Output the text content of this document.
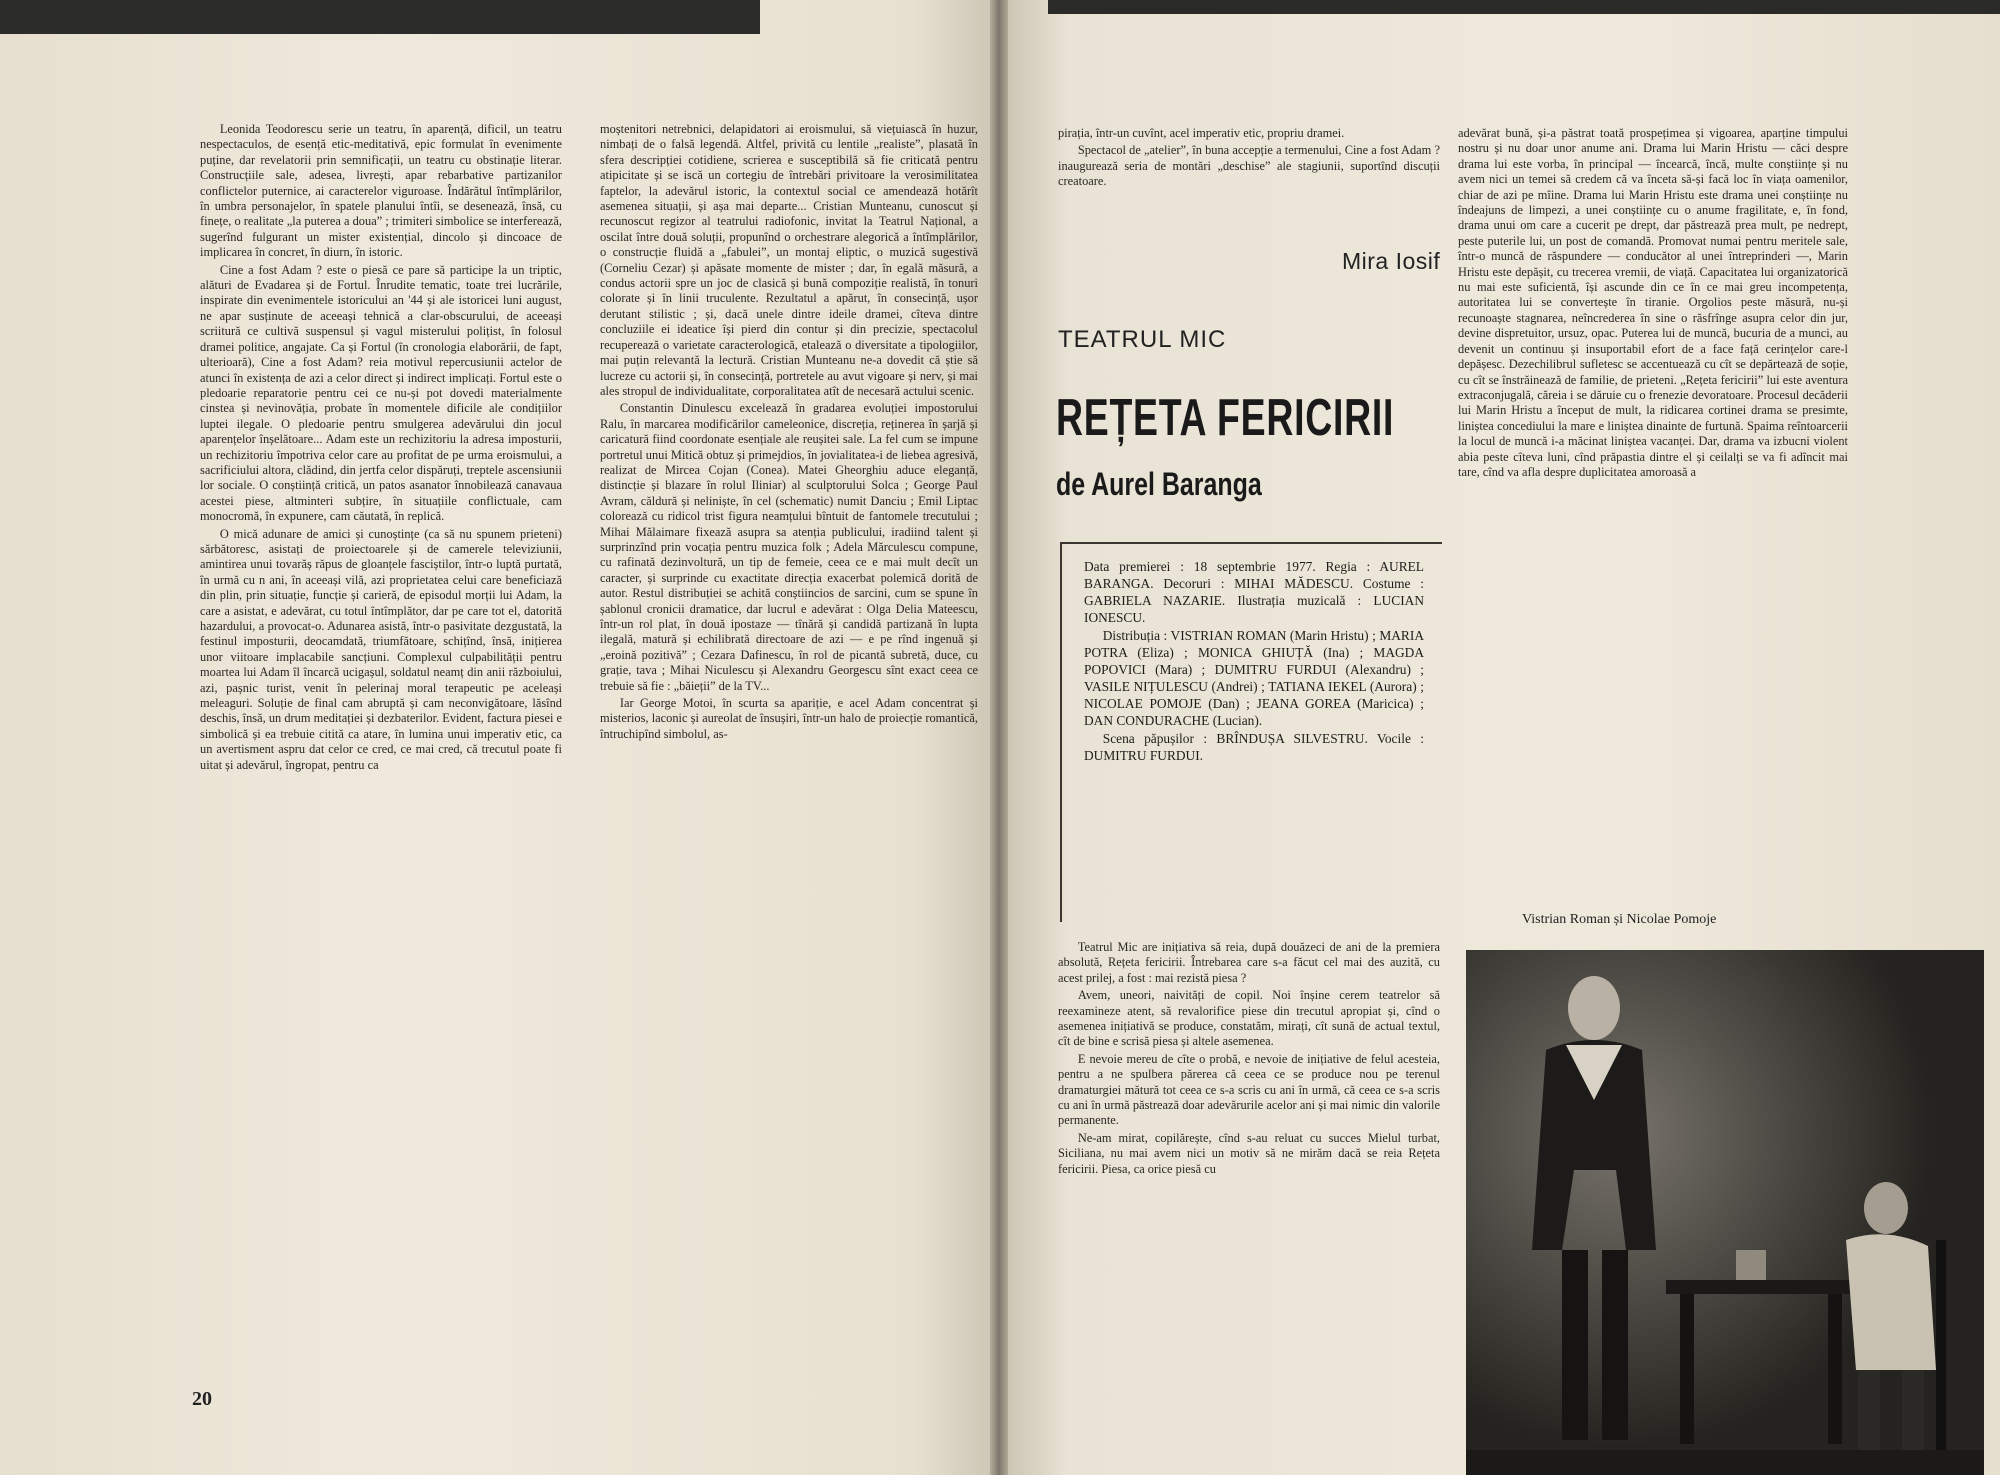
Leonida Teodorescu serie un teatru, în aparență, dificil, un teatru nespectaculos, de esență etic-meditativă, epic formulat în evenimente puține, dar revelatorii prin semnificații, un teatru cu obstinație literar. Construcțiile sale, adesea, livrești, apar rebarbative partizanilor conflictelor puternice, ai caracterelor viguroase. Îndărătul întîmplărilor, în umbra personajelor, în spatele planului întîi, se desenează, însă, cu finețe, o realitate „la puterea a doua” ; trimiteri simbolice se interferează, sugerînd fulgurant un mister existențial, dincolo și dincoace de implicarea în concret, în diurn, în istoric.

Cine a fost Adam ? este o piesă ce pare să participe la un triptic, alături de Evadarea și de Fortul. Înrudite tematic, toate trei lucrările, inspirate din evenimentele istoricului an '44 și ale istoricei luni august, ne apar susținute de aceeași tehnică a clar-obscurului, de aceeași scriitură ce cultivă suspensul și vagul misterului polițist, în folosul dramei politice, angajate. Ca și Fortul (în cronologia elaborării, de fapt, ulterioară), Cine a fost Adam? reia motivul repercusiunii actelor de atunci în existența de azi a celor direct și indirect implicați. Fortul este o pledoarie reparatorie pentru cei ce nu-și pot dovedi materialmente cinstea și nevinovăția, probate în momentele dificile ale condițiilor luptei ilegale. O pledoarie pentru smulgerea adevărului din jocul aparențelor înșelătoare... Adam este un rechizitoriu la adresa imposturii, un rechizitoriu împotriva celor care au profitat de pe urma eroismului, a sacrificiului altora, clădind, din jertfa celor dispăruți, treptele ascensiunii lor sociale. O conștiință critică, un patos asanator înnobilează canavaua acestei piese, altminteri subțire, în situațiile conflictuale, cam monocromă, în expunere, cam căutată, în replică.

O mică adunare de amici și cunoștințe (ca să nu spunem prieteni) sărbătoresc, asistați de proiectoarele și de camerele televiziunii, amintirea unui tovarăș răpus de gloanțele fasciștilor, într-o luptă purtată, în urmă cu n ani, în aceeași vilă, azi proprietatea celui care beneficiază din plin, prin situație, funcție și carieră, de episodul morții lui Adam, la care a asistat, e adevărat, cu totul întîmplător, dar pe care tot el, datorită hazardului, a provocat-o. Adunarea asistă, într-o pasivitate dezgustată, la festinul imposturii, deocamdată, triumfătoare, schițînd, însă, inițierea unor viitoare implacabile sancțiuni. Complexul culpabilității pentru moartea lui Adam îl încarcă ucigașul, soldatul neamț din anii războiului, azi, pașnic turist, venit în pelerinaj moral terapeutic pe aceleași meleaguri. Soluție de final cam abruptă și cam neconvigătoare, lăsînd deschis, însă, un drum meditației și dezbaterilor. Evident, factura piesei e simbolică și ea trebuie citită ca atare, în lumina unui imperativ etic, ca un avertisment aspru dat celor ce cred, ce mai cred, că trecutul poate fi uitat și adevărul, îngropat, pentru ca

moștenitori netrebnici, delapidatori ai eroismului, să viețuiască în huzur, nimbați de o falsă legendă. Altfel, privită cu lentile „realiste”, plasată în sfera descripției cotidiene, scrierea e susceptibilă să fie criticată pentru atipicitate și se iscă un cortegiu de întrebări privitoare la verosimilitatea faptelor, la adevărul istoric, la contextul social ce amendează hotărît asemenea situații, și așa mai departe... Cristian Munteanu, cunoscut și recunoscut regizor al teatrului radiofonic, invitat la Teatrul Național, a oscilat între două soluții, propunînd o orchestrare alegorică a întîmplărilor, o construcție fluidă a „fabulei”, un montaj eliptic, o muzică sugestivă (Corneliu Cezar) și apăsate momente de mister ; dar, în egală măsură, a condus actorii spre un joc de clasică și bună compoziție realistă, în tonuri colorate și în linii truculente. Rezultatul a apărut, în consecință, ușor derutant stilistic ; și, dacă unele dintre ideile dramei, cîteva dintre concluziile ei ideatice își pierd din contur și din precizie, spectacolul recuperează o varietate caracterologică, etalează o diversitate a tipologiilor, mai puțin relevantă la lectură. Cristian Munteanu ne-a dovedit că știe să lucreze cu actorii și, în consecință, portretele au avut vigoare și nerv, și mai ales stropul de individualitate, corporalitatea atît de necesară actului scenic.

Constantin Dinulescu excelează în gradarea evoluției impostorului Ralu, în marcarea modificărilor cameleonice, discreția, reținerea în șarjă și caricatură fiind coordonate esențiale ale reușitei sale. La fel cum se impune portretul unui Mitică obtuz și primejdios, în jovialitatea-i de liebea agresivă, realizat de Mircea Cojan (Conea). Matei Gheorghiu aduce eleganță, distincție și blazare în rolul Iliniar) al sculptorului Solca ; George Paul Avram, căldură și neliniște, în cel (schematic) numit Danciu ; Emil Liptac colorează cu ridicol trist figura neamțului bîntuit de fantomele trecutului ; Mihai Mălaimare fixează asupra sa atenția publicului, iradiind talent și surprinzînd prin vocația pentru muzica folk ; Adela Mărculescu compune, cu rafinată dezinvoltură, un tip de femeie, ceea ce e mai mult decît un caracter, și surprinde cu exactitate direcția exacerbat polemică dorită de autor. Restul distribuției se achită conștiincios de sarcini, cum se spune în șablonul cronicii dramatice, dar lucrul e adevărat : Olga Delia Mateescu, într-un rol plat, în două ipostaze — tînără și candidă partizană în lupta ilegală, matură și echilibrată directoare de azi — e pe rînd ingenuă și „eroină pozitivă” ; Cezara Dafinescu, în rol de picantă subretă, duce, cu grație, tava ; Mihai Niculescu și Alexandru Georgescu sînt exact ceea ce trebuie să fie : „băieții” de la TV...

Iar George Motoi, în scurta sa apariție, e acel Adam concentrat și misterios, laconic și aureolat de însușiri, într-un halo de proiecție romantică, întruchipînd simbolul, as-

20

pirația, într-un cuvînt, acel imperativ etic, propriu dramei.

Spectacol de „atelier”, în buna accepție a termenului, Cine a fost Adam ? inaugurează seria de montări „deschise” ale stagiunii, suportînd discuții creatoare.

Mira Iosif
TEATRUL MIC
REȚETA FERICIRII
de Aurel Baranga

Data premierei : 18 septembrie 1977. Regia : AUREL BARANGA. Decoruri : MIHAI MĂDESCU. Costume : GABRIELA NAZARIE. Ilustrația muzicală : LUCIAN IONESCU.

Distribuția : VISTRIAN ROMAN (Marin Hristu) ; MARIA POTRA (Eliza) ; MONICA GHIUȚĂ (Ina) ; MAGDA POPOVICI (Mara) ; DUMITRU FURDUI (Alexandru) ; VASILE NIȚULESCU (Andrei) ; TATIANA IEKEL (Aurora) ; NICOLAE POMOJE (Dan) ; JEANA GOREA (Maricica) ; DAN CONDURACHE (Lucian).

Scena păpușilor : BRÎNDUȘA SILVESTRU. Vocile : DUMITRU FURDUI.

Teatrul Mic are inițiativa să reia, după douăzeci de ani de la premiera absolută, Rețeta fericirii. Întrebarea care s-a făcut cel mai des auzită, cu acest prilej, a fost : mai rezistă piesa ?

Avem, uneori, naivități de copil. Noi înșine cerem teatrelor să reexamineze atent, să revalorifice piese din trecutul apropiat și, cînd o asemenea inițiativă se produce, constatăm, mirați, cît sună de actual textul, cît de bine e scrisă piesa și altele asemenea.

E nevoie mereu de cîte o probă, e nevoie de inițiative de felul acesteia, pentru a ne spulbera părerea că ceea ce se produce nou pe terenul dramaturgiei mătură tot ceea ce s-a scris cu ani în urmă, că ceea ce s-a scris cu ani în urmă păstrează doar adevărurile acelor ani și mai nimic din valorile permanente.

Ne-am mirat, copilărește, cînd s-au reluat cu succes Mielul turbat, Siciliana, nu mai avem nici un motiv să ne mirăm dacă se reia Rețeta fericirii. Piesa, ca orice piesă cu

adevărat bună, și-a păstrat toată prospețimea și vigoarea, aparține timpului nostru și nu doar unor anume ani. Drama lui Marin Hristu — căci despre drama lui este vorba, în principal — încearcă, încă, multe conștiințe și nu avem nici un temei să credem că va înceta să-și facă loc în viața oamenilor, chiar de azi pe mîine. Drama lui Marin Hristu este drama unei conștiințe nu îndeajuns de limpezi, a unei conștiințe cu o anume fragilitate, e, în fond, drama unui om care a cucerit pe drept, dar păstrează prea mult, pe nedrept, peste puterile lui, un post de comandă. Promovat numai pentru meritele sale, într-o muncă de răspundere — conducător al unei întreprinderi —, Marin Hristu este depășit, cu trecerea vremii, de viață. Capacitatea lui organizatorică nu mai este suficientă, își ascunde din ce în ce mai greu incompetența, autoritatea lui se convertește în tiranie. Orgolios peste măsură, nu-și recunoaște stagnarea, neîncrederea în sine o răsfrînge asupra celor din jur, devine dispretuitor, ursuz, opac. Puterea lui de muncă, bucuria de a munci, au devenit un continuu și insuportabil efort de a face față cerințelor care-l depășesc. Dezechilibrul sufletesc se accentuează cu cît se depărtează de soție, cu cît se înstrăinează de familie, de prieteni. „Rețeta fericirii” lui este aventura extraconjugală, căreia i se dăruie cu o frenezie devoratoare. Procesul decăderii lui Marin Hristu a început de mult, la ridicarea cortinei drama se presimte, liniștea concediului la mare e liniștea dinainte de furtună. Spaima reîntoarcerii la locul de muncă i-a măcinat liniștea vacanței. Dar, drama va izbucni violent abia peste cîteva luni, cînd prăpastia dintre el și ceilalți se va fi adîncit mai tare, cînd va afla despre duplicitatea amoroasă a

Vistrian Roman și Nicolae Pomoje
